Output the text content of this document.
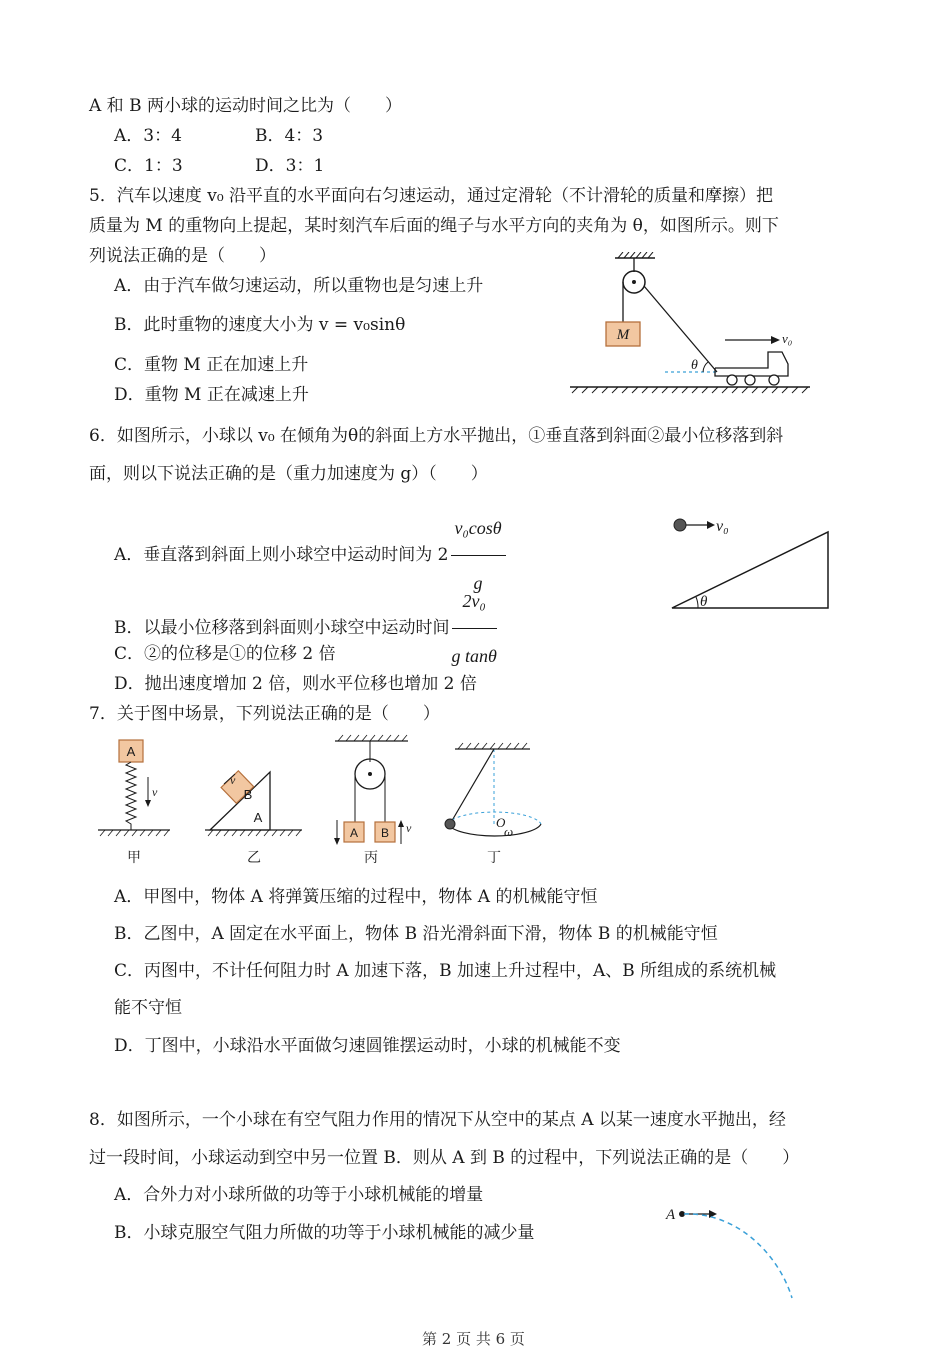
A 和 B 两小球的运动时间之比为（　　）
A．3：4	B．4：3
C．1：3	D．3：1
5．汽车以速度 v₀ 沿平直的水平面向右匀速运动，通过定滑轮（不计滑轮的质量和摩擦）把
质量为 M 的重物向上提起，某时刻汽车后面的绳子与水平方向的夹角为 θ，如图所示。则下
列说法正确的是（　　）
A．由于汽车做匀速运动，所以重物也是匀速上升
B．此时重物的速度大小为 v = v₀sinθ
C．重物 M 正在加速上升
D．重物 M 正在减速上升
M
θ
v₀
6．如图所示，小球以 v₀ 在倾角为θ的斜面上方水平抛出，①垂直落到斜面②最小位移落到斜
面，则以下说法正确的是（重力加速度为 g）（　　）
A．垂直落到斜面上则小球空中运动时间为 $2 \frac{\text{v₀cosθ}}{g}$
B．以最小位移落到斜面则小球空中运动时间 $\frac{\text{2v₀}}{\text{g tanθ}}$
C．②的位移是①的位移 2 倍
D．抛出速度增加 2 倍，则水平位移也增加 2 倍
v₀
θ
7．关于图中场景，下列说法正确的是（　　）
A
v
甲
A
B
v
乙
A B v
丙
O
ω
丁
A．甲图中，物体 A 将弹簧压缩的过程中，物体 A 的机械能守恒
B．乙图中，A 固定在水平面上，物体 B 沿光滑斜面下滑，物体 B 的机械能守恒
C．丙图中，不计任何阻力时 A 加速下落，B 加速上升过程中，A、B 所组成的系统机械
能不守恒
D．丁图中，小球沿水平面做匀速圆锥摆运动时，小球的机械能不变
8．如图所示，一个小球在有空气阻力作用的情况下从空中的某点 A 以某一速度水平抛出，经
过一段时间，小球运动到空中另一位置 B．则从 A 到 B 的过程中，下列说法正确的是（　　）
A．合外力对小球所做的功等于小球机械能的增量
B．小球克服空气阻力所做的功等于小球机械能的减少量
A
第 2 页 共 6 页
